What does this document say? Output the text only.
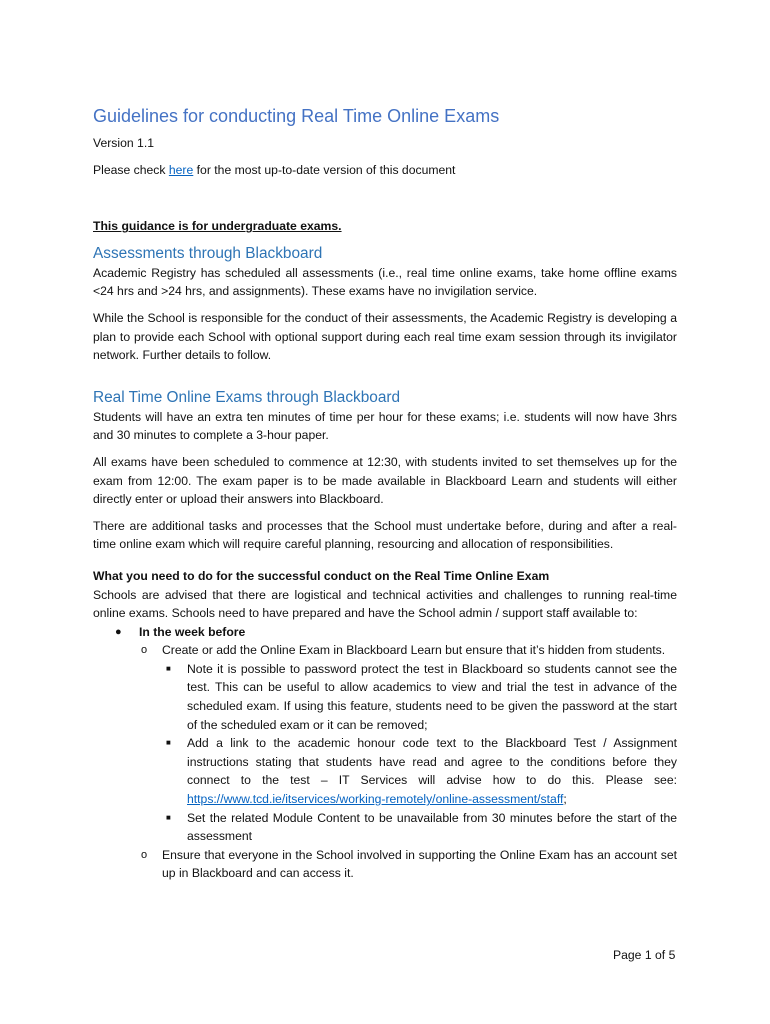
Guidelines for conducting Real Time Online Exams

Version 1.1

Please check here for the most up-to-date version of this document

This guidance is for undergraduate exams.

Assessments through Blackboard

Academic Registry has scheduled all assessments (i.e., real time online exams, take home offline exams <24 hrs and >24 hrs, and assignments). These exams have no invigilation service.

While the School is responsible for the conduct of their assessments, the Academic Registry is developing a plan to provide each School with optional support during each real time exam session through its invigilator network. Further details to follow.

Real Time Online Exams through Blackboard

Students will have an extra ten minutes of time per hour for these exams; i.e. students will now have 3hrs and 30 minutes to complete a 3-hour paper.

All exams have been scheduled to commence at 12:30, with students invited to set themselves up for the exam from 12:00. The exam paper is to be made available in Blackboard Learn and students will either directly enter or upload their answers into Blackboard.

There are additional tasks and processes that the School must undertake before, during and after a real-time online exam which will require careful planning, resourcing and allocation of responsibilities.

What you need to do for the successful conduct on the Real Time Online Exam

Schools are advised that there are logistical and technical activities and challenges to running real-time online exams. Schools need to have prepared and have the School admin / support staff available to:

● In the week before
o Create or add the Online Exam in Blackboard Learn but ensure that it’s hidden from students.

■ Note it is possible to password protect the test in Blackboard so students cannot see the test. This can be useful to allow academics to view and trial the test in advance of the scheduled exam. If using this feature, students need to be given the password at the start of the scheduled exam or it can be removed;

■ Add a link to the academic honour code text to the Blackboard Test / Assignment instructions stating that students have read and agree to the conditions before they connect to the test – IT Services will advise how to do this. Please see: https://www.tcd.ie/itservices/working-remotely/online-assessment/staff;

■ Set the related Module Content to be unavailable from 30 minutes before the start of the assessment

o Ensure that everyone in the School involved in supporting the Online Exam has an account set up in Blackboard and can access it.

Page 1 of 5
